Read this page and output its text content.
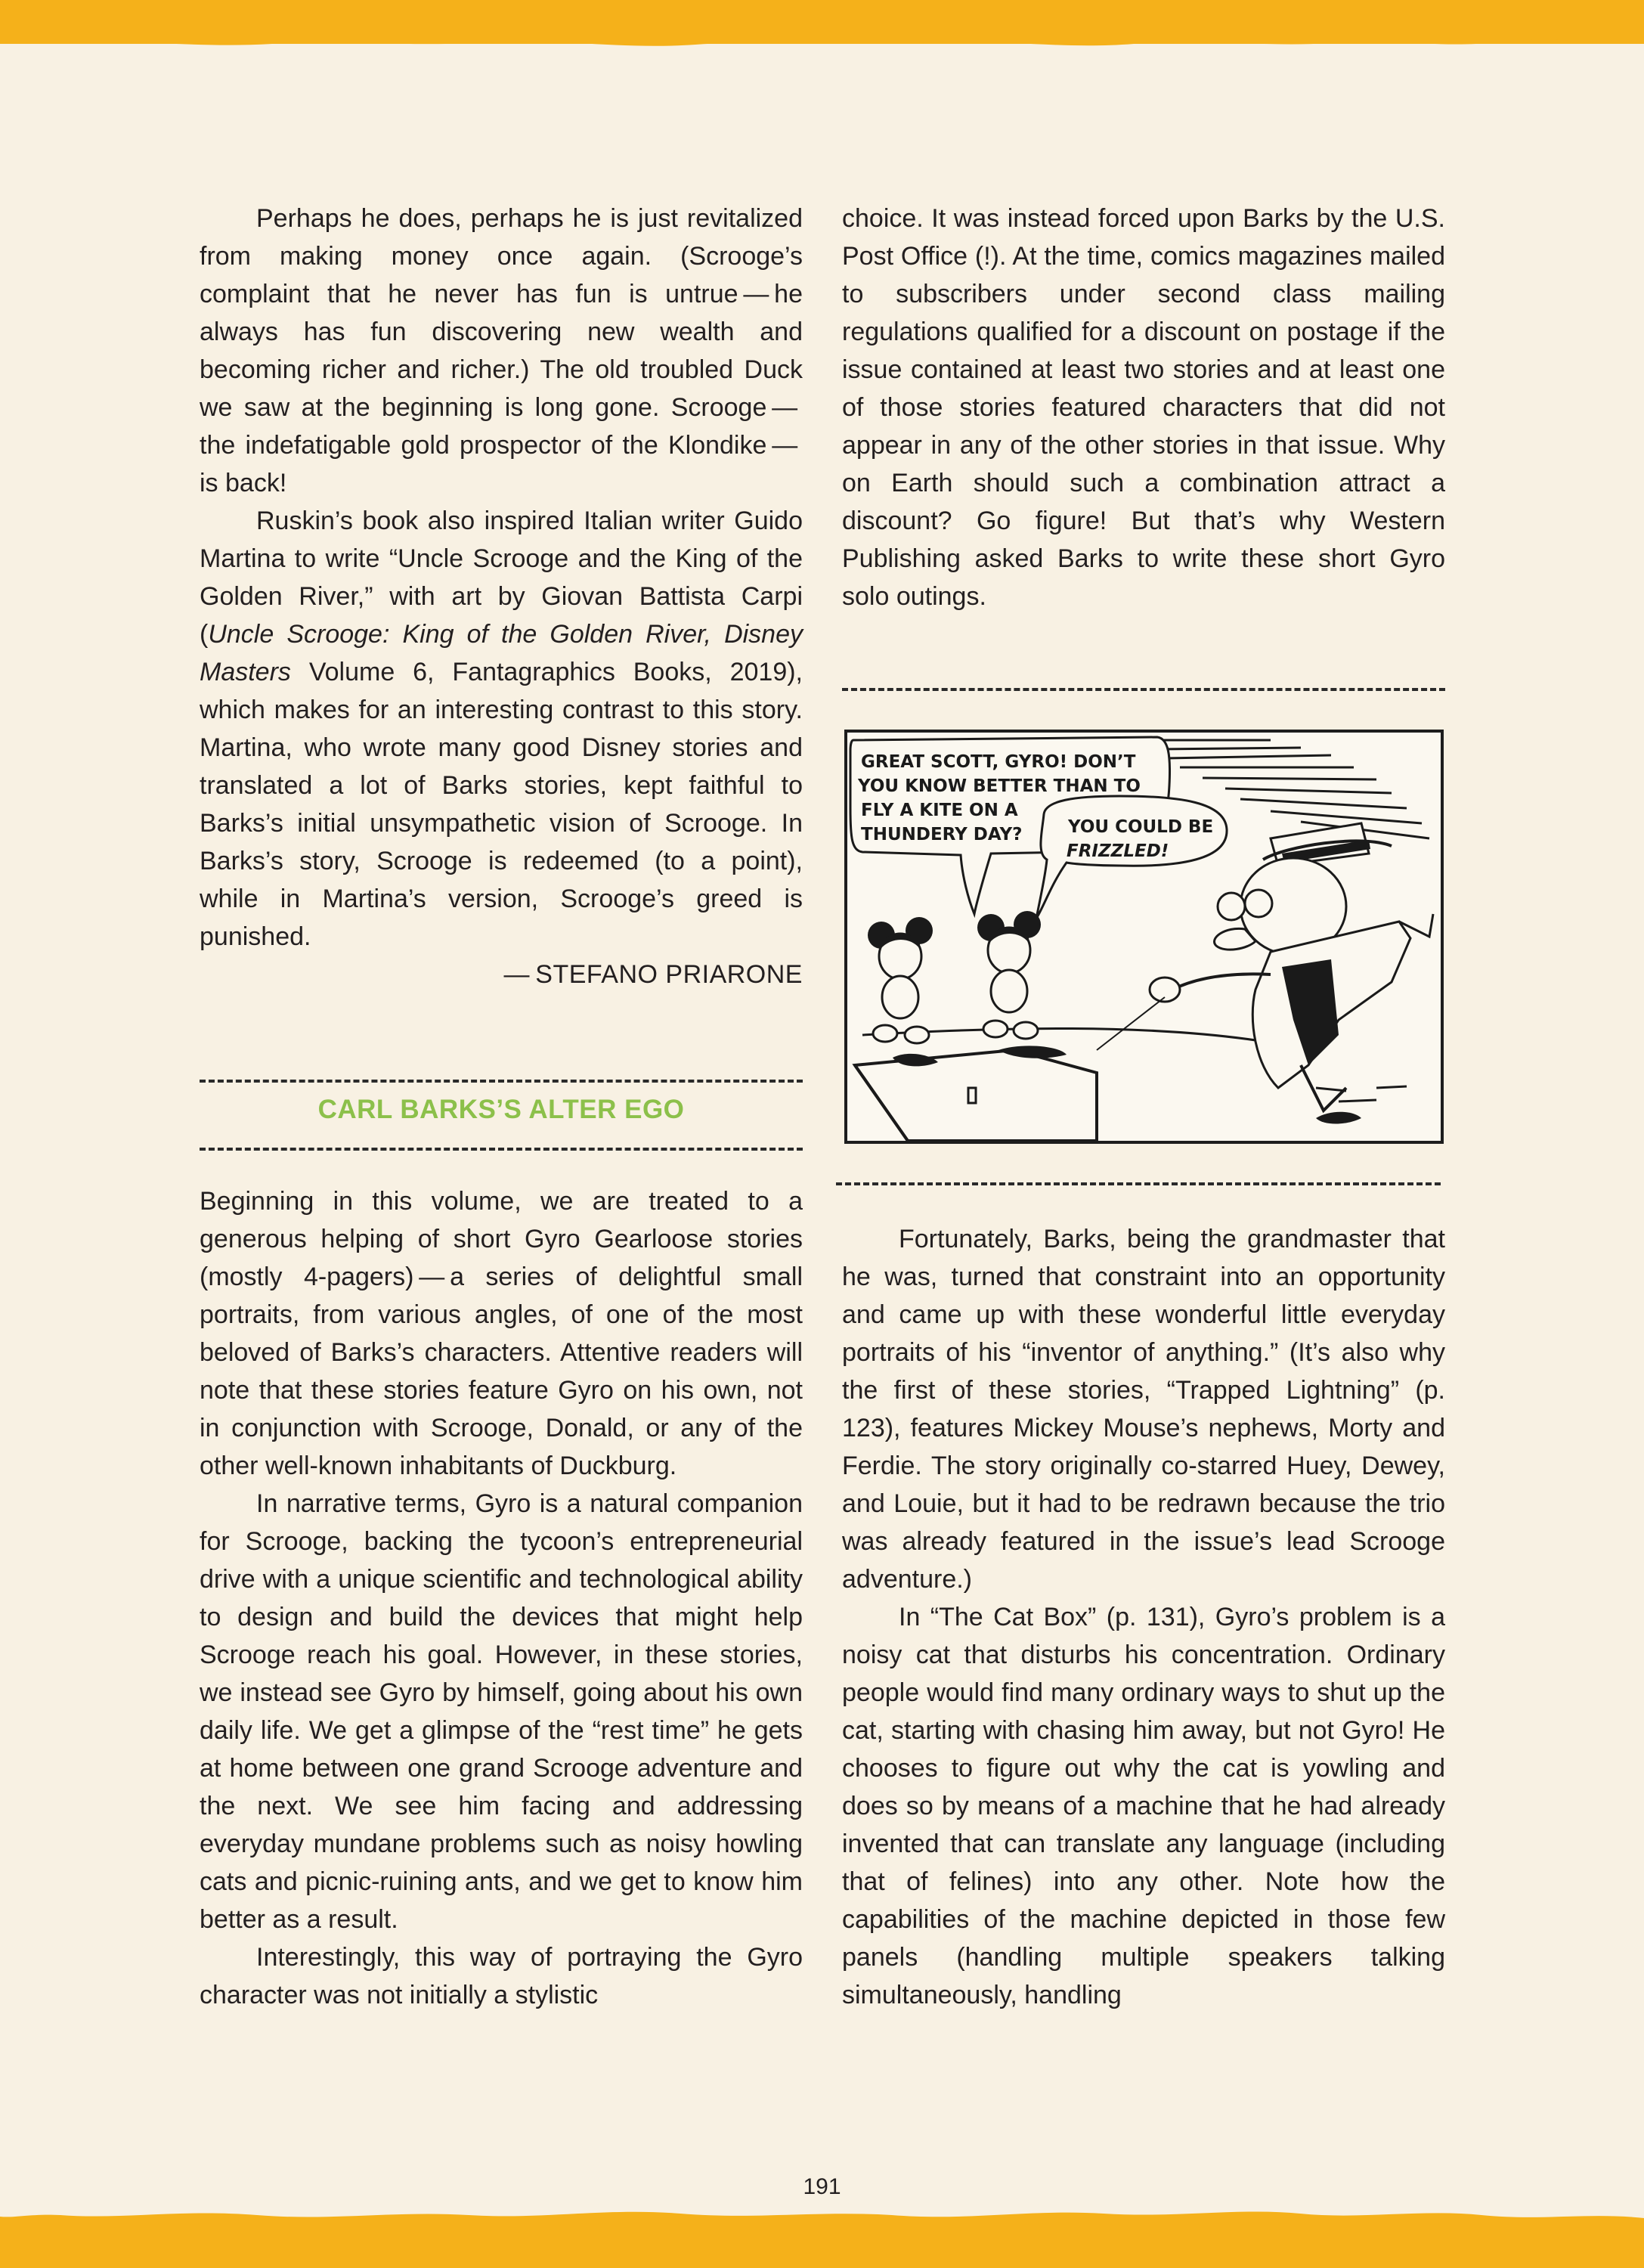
Perhaps he does, perhaps he is just revitalized from making money once again. (Scrooge’s complaint that he never has fun is untrue — he always has fun discovering new wealth and becoming richer and richer.) The old troubled Duck we saw at the beginning is long gone. Scrooge — the indefatigable gold prospector of the Klondike — is back!

Ruskin’s book also inspired Italian writer Guido Martina to write “Uncle Scrooge and the King of the Golden River,” with art by Giovan Battista Carpi (Uncle Scrooge: King of the Golden River, Disney Masters Volume 6, Fantagraphics Books, 2019), which makes for an interesting contrast to this story. Martina, who wrote many good Disney stories and translated a lot of Barks stories, kept faithful to Barks’s initial unsympathetic vision of Scrooge. In Barks’s story, Scrooge is redeemed (to a point), while in Martina’s version, Scrooge’s greed is punished.

— STEFANO PRIARONE

CARL BARKS’S ALTER EGO

Beginning in this volume, we are treated to a generous helping of short Gyro Gearloose stories (mostly 4-pagers) — a series of delightful small portraits, from various angles, of one of the most beloved of Barks’s characters. Attentive readers will note that these stories feature Gyro on his own, not in conjunction with Scrooge, Donald, or any of the other well-known inhabitants of Duckburg.

In narrative terms, Gyro is a natural companion for Scrooge, backing the tycoon’s entrepreneurial drive with a unique scientific and technological ability to design and build the devices that might help Scrooge reach his goal. However, in these stories, we instead see Gyro by himself, going about his own daily life. We get a glimpse of the “rest time” he gets at home between one grand Scrooge adventure and the next. We see him facing and addressing everyday mundane problems such as noisy howling cats and picnic-ruining ants, and we get to know him better as a result.

Interestingly, this way of portraying the Gyro character was not initially a stylistic

choice. It was instead forced upon Barks by the U.S. Post Office (!). At the time, comics magazines mailed to subscribers under second class mailing regulations qualified for a discount on postage if the issue contained at least two stories and at least one of those stories featured characters that did not appear in any of the other stories in that issue. Why on Earth should such a combination attract a discount? Go figure! But that’s why Western Publishing asked Barks to write these short Gyro solo outings.

GREAT SCOTT, GYRO! DON’T
YOU KNOW BETTER THAN TO
FLY A KITE ON A
THUNDERY DAY?	YOU COULD BE
FRIZZLED!

Fortunately, Barks, being the grandmaster that he was, turned that constraint into an opportunity and came up with these wonderful little everyday portraits of his “inventor of anything.” (It’s also why the first of these stories, “Trapped Lightning” (p. 123), features Mickey Mouse’s nephews, Morty and Ferdie. The story originally co-starred Huey, Dewey, and Louie, but it had to be redrawn because the trio was already featured in the issue’s lead Scrooge adventure.)

In “The Cat Box” (p. 131), Gyro’s problem is a noisy cat that disturbs his concentration. Ordinary people would find many ordinary ways to shut up the cat, starting with chasing him away, but not Gyro! He chooses to figure out why the cat is yowling and does so by means of a machine that he had already invented that can translate any language (including that of felines) into any other. Note how the capabilities of the machine depicted in those few panels (handling multiple speakers talking simultaneously, handling

191
